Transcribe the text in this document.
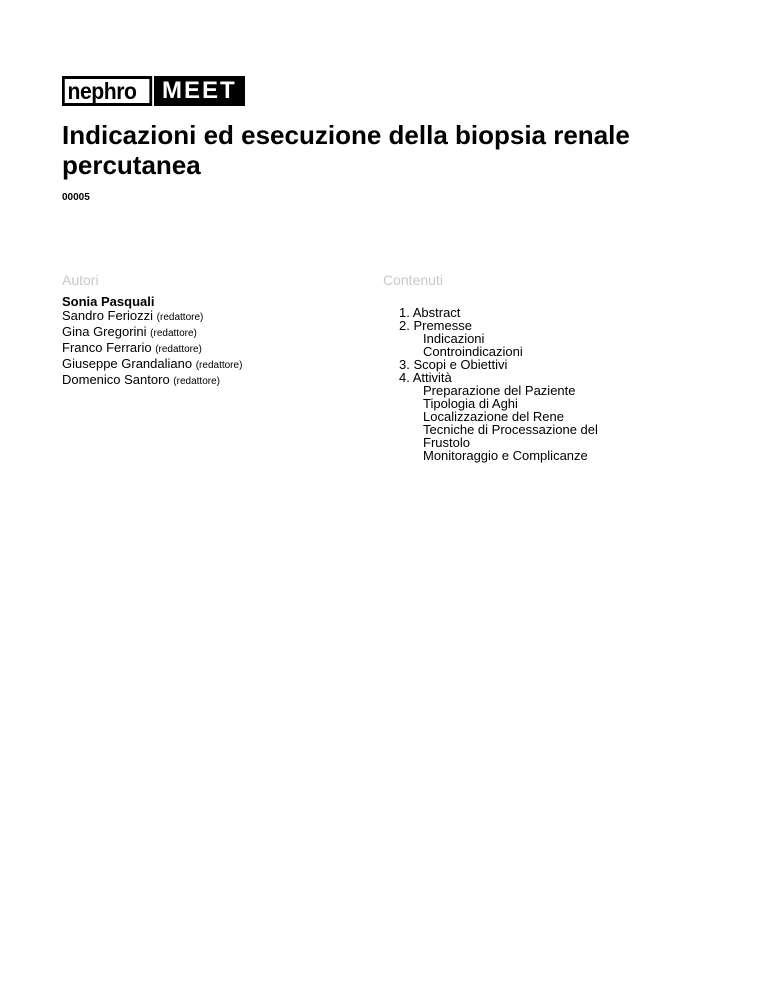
nephro	MEET
Indicazioni ed esecuzione della biopsia renale percutanea
00005
Autori	Contenuti
Sonia Pasquali
Sandro Feriozzi (redattore)
Gina Gregorini (redattore)
Franco Ferrario (redattore)
Giuseppe Grandaliano (redattore)
Domenico Santoro (redattore)
1. Abstract
2. Premesse
Indicazioni
Controindicazioni
3. Scopi e Obiettivi
4. Attività
Preparazione del Paziente
Tipologia di Aghi
Localizzazione del Rene
Tecniche di Processazione del Frustolo
Monitoraggio e Complicanze
